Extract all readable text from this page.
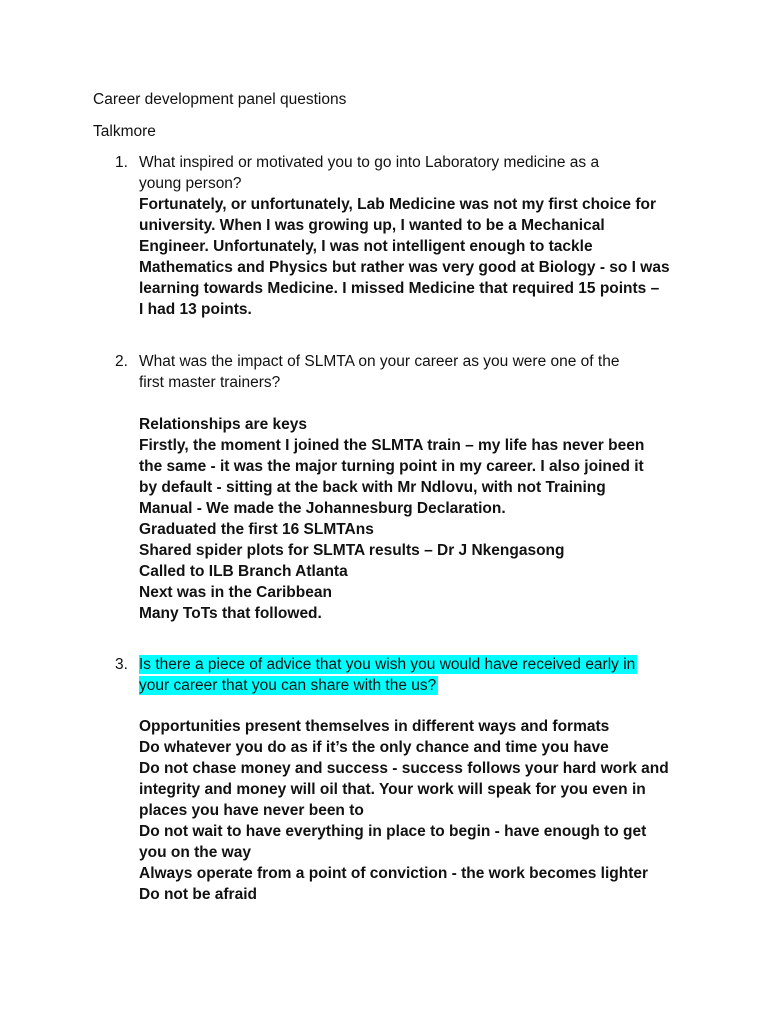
Career development panel questions
Talkmore
1. What inspired or motivated you to go into Laboratory medicine as a
young person?
Fortunately, or unfortunately, Lab Medicine was not my first choice for
university. When I was growing up, I wanted to be a Mechanical
Engineer. Unfortunately, I was not intelligent enough to tackle
Mathematics and Physics but rather was very good at Biology - so I was
learning towards Medicine. I missed Medicine that required 15 points –
I had 13 points.
2. What was the impact of SLMTA on your career as you were one of the
first master trainers?
Relationships are keys
Firstly, the moment I joined the SLMTA train – my life has never been
the same - it was the major turning point in my career. I also joined it
by default - sitting at the back with Mr Ndlovu, with not Training
Manual - We made the Johannesburg Declaration.
Graduated the first 16 SLMTAns
Shared spider plots for SLMTA results – Dr J Nkengasong
Called to ILB Branch Atlanta
Next was in the Caribbean
Many ToTs that followed.
3. Is there a piece of advice that you wish you would have received early in
your career that you can share with the us?
Opportunities present themselves in different ways and formats
Do whatever you do as if it’s the only chance and time you have
Do not chase money and success - success follows your hard work and
integrity and money will oil that. Your work will speak for you even in
places you have never been to
Do not wait to have everything in place to begin - have enough to get
you on the way
Always operate from a point of conviction - the work becomes lighter
Do not be afraid
